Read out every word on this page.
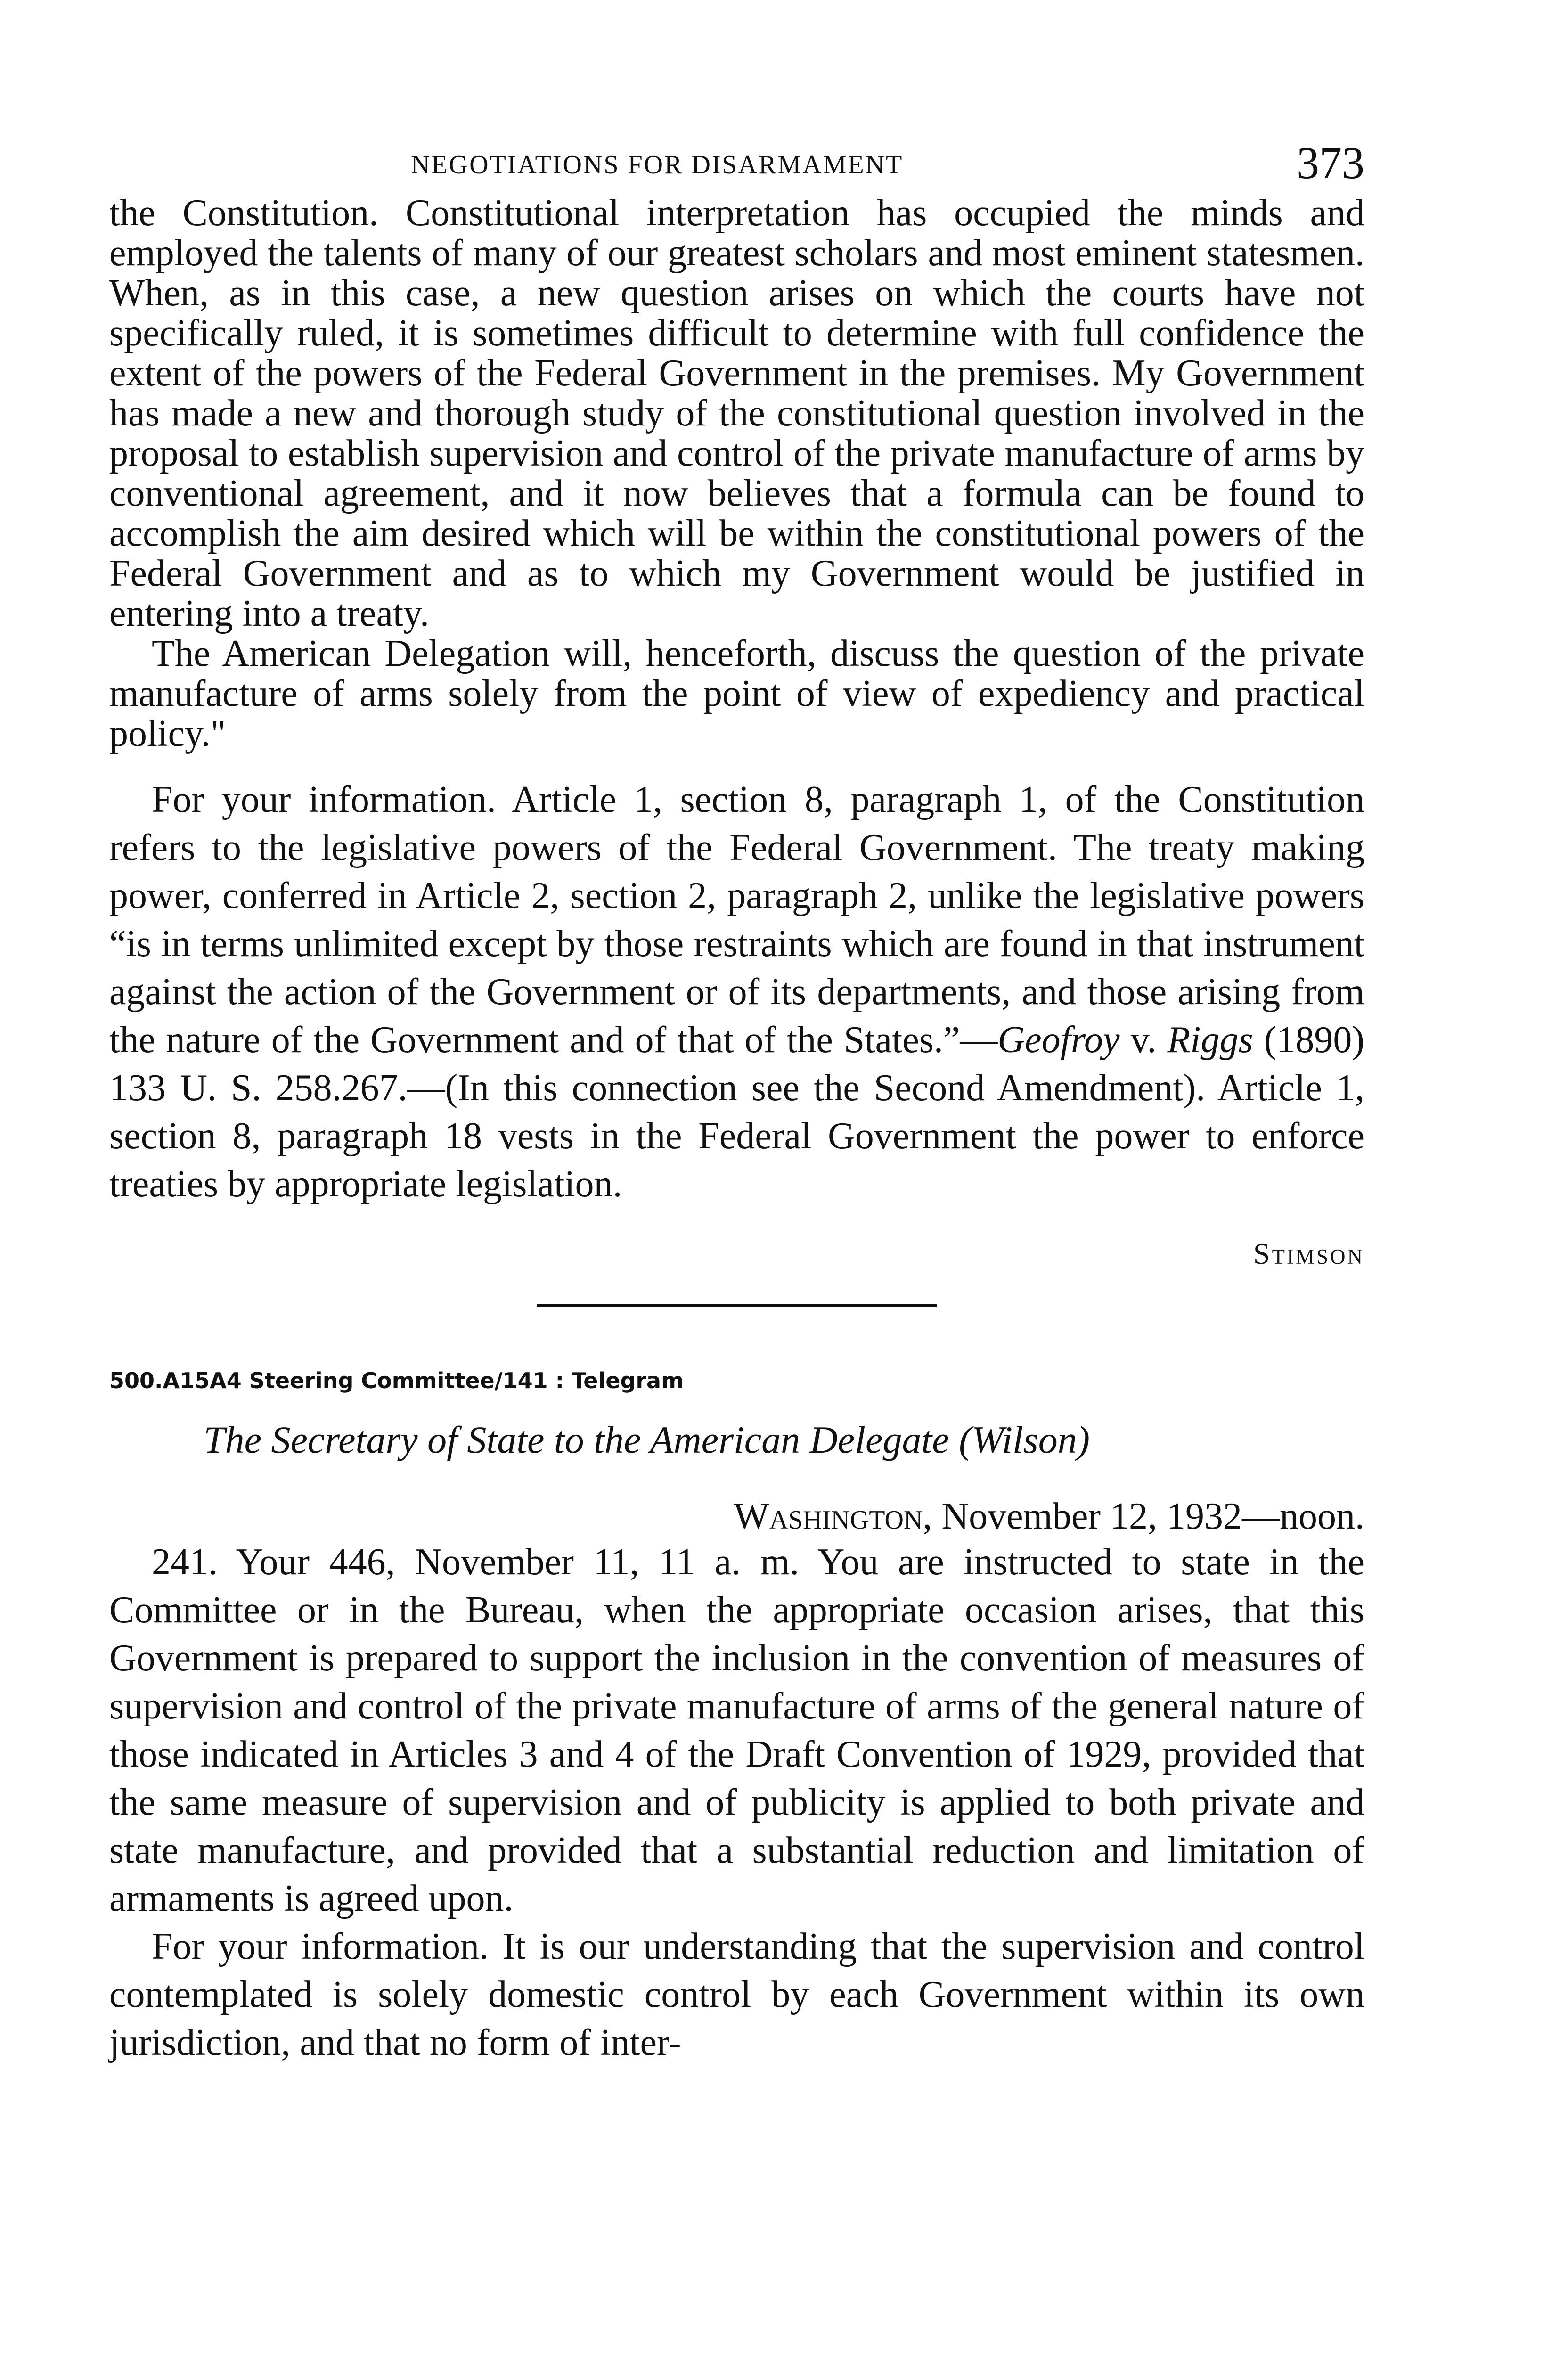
NEGOTIATIONS FOR DISARMAMENT	373

the Constitution. Constitutional interpretation has occupied the minds and employed the talents of many of our greatest scholars and most eminent statesmen. When, as in this case, a new question arises on which the courts have not specifically ruled, it is sometimes difficult to determine with full confidence the extent of the powers of the Federal Government in the premises. My Government has made a new and thorough study of the constitutional question involved in the proposal to establish supervision and control of the private manufacture of arms by conventional agreement, and it now believes that a formula can be found to accomplish the aim desired which will be within the constitutional powers of the Federal Government and as to which my Government would be justified in entering into a treaty.

The American Delegation will, henceforth, discuss the question of the private manufacture of arms solely from the point of view of expediency and practical policy."

For your information. Article 1, section 8, paragraph 1, of the Constitution refers to the legislative powers of the Federal Government. The treaty making power, conferred in Article 2, section 2, paragraph 2, unlike the legislative powers “is in terms unlimited except by those restraints which are found in that instrument against the action of the Government or of its departments, and those arising from the nature of the Government and of that of the States.”—Geofroy v. Riggs (1890) 133 U. S. 258.267.—(In this connection see the Second Amendment). Article 1, section 8, paragraph 18 vests in the Federal Government the power to enforce treaties by appropriate legislation.

Stimson
500.A15A4 Steering Committee/141 : Telegram
The Secretary of State to the American Delegate (Wilson)
Washington, November 12, 1932—noon.

241. Your 446, November 11, 11 a. m. You are instructed to state in the Committee or in the Bureau, when the appropriate occasion arises, that this Government is prepared to support the inclusion in the convention of measures of supervision and control of the private manufacture of arms of the general nature of those indicated in Articles 3 and 4 of the Draft Convention of 1929, provided that the same measure of supervision and of publicity is applied to both private and state manufacture, and provided that a substantial reduction and limitation of armaments is agreed upon.

For your information. It is our understanding that the supervision and control contemplated is solely domestic control by each Government within its own jurisdiction, and that no form of inter-
